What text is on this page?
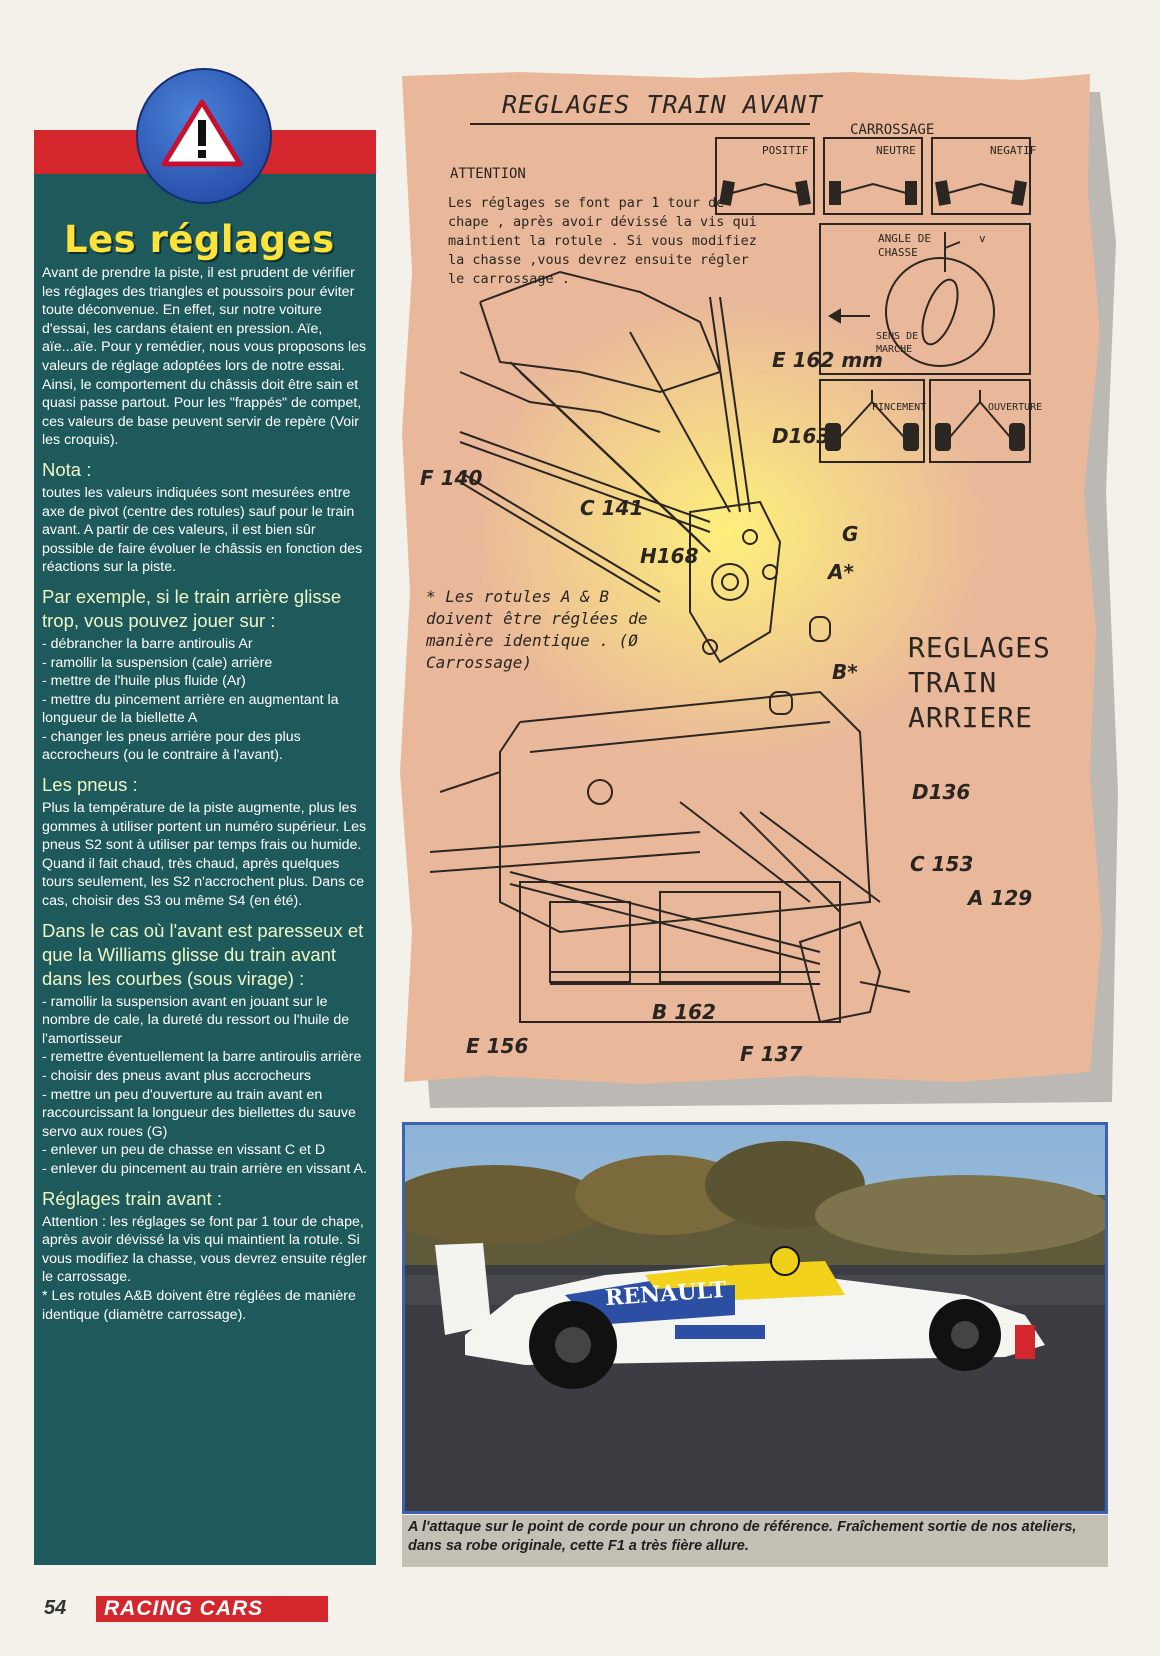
Les réglages

Avant de prendre la piste, il est prudent de vérifier les réglages des triangles et poussoirs pour éviter toute déconvenue. En effet, sur notre voiture d'essai, les cardans étaient en pression. Aïe, aïe...aïe. Pour y remédier, nous vous proposons les valeurs de réglage adoptées lors de notre essai. Ainsi, le comportement du châssis doit être sain et quasi passe partout. Pour les "frappés" de compet, ces valeurs de base peuvent servir de repère (Voir les croquis).

Nota :

toutes les valeurs indiquées sont mesurées entre axe de pivot (centre des rotules) sauf pour le train avant. A partir de ces valeurs, il est bien sûr possible de faire évoluer le châssis en fonction des réactions sur la piste.

Par exemple, si le train arrière glisse trop, vous pouvez jouer sur :
- débrancher la barre antiroulis Ar
- ramollir la suspension (cale) arrière
- mettre de l'huile plus fluide (Ar)
- mettre du pincement arrière en augmentant la longueur de la biellette A
- changer les pneus arrière pour des plus accrocheurs (ou le contraire à l'avant).
Les pneus :

Plus la température de la piste augmente, plus les gommes à utiliser portent un numéro supérieur. Les pneus S2 sont à utiliser par temps frais ou humide. Quand il fait chaud, très chaud, après quelques tours seulement, les S2 n'accrochent plus. Dans ce cas, choisir des S3 ou même S4 (en été).

Dans le cas où l'avant est paresseux et que la Williams glisse du train avant dans les courbes (sous virage) :
- ramollir la suspension avant en jouant sur le nombre de cale, la dureté du ressort ou l'huile de l'amortisseur
- remettre éventuellement la barre antiroulis arrière
- choisir des pneus avant plus accrocheurs
- mettre un peu d'ouverture au train avant en raccourcissant la longueur des biellettes du sauve servo aux roues (G)
- enlever un peu de chasse en vissant C et D
- enlever du pincement au train arrière en vissant A.
Réglages train avant :

Attention : les réglages se font par 1 tour de chape, après avoir dévissé la vis qui maintient la rotule. Si vous modifiez la chasse, vous devrez ensuite régler le carrossage.

* Les rotules A&B doivent être réglées de manière identique (diamètre carrossage).

REGLAGES TRAIN AVANT
CARROSSAGE
POSITIF	NEUTRE	NEGATIF
ANGLE DE CHASSE
v
SENS DE MARCHE
PINCEMENT	OUVERTURE
ATTENTION
Les réglages se font par 1 tour de chape , après avoir dévissé la vis qui maintient la rotule . Si vous modifiez la chasse ,vous devrez ensuite régler le carrossage .
E 162 mm
D163
F 140
C 141
H168
G
A*
B*
* Les rotules A & B doivent être réglées de manière identique . (Ø Carrossage)	REGLAGES
TRAIN
ARRIERE
D136
C 153
A 129
B 162
E 156	F 137
RENAULT
A l'attaque sur le point de corde pour un chrono de référence. Fraîchement sortie de nos ateliers, dans sa robe originale, cette F1 a très fière allure.
54 RACING CARS
